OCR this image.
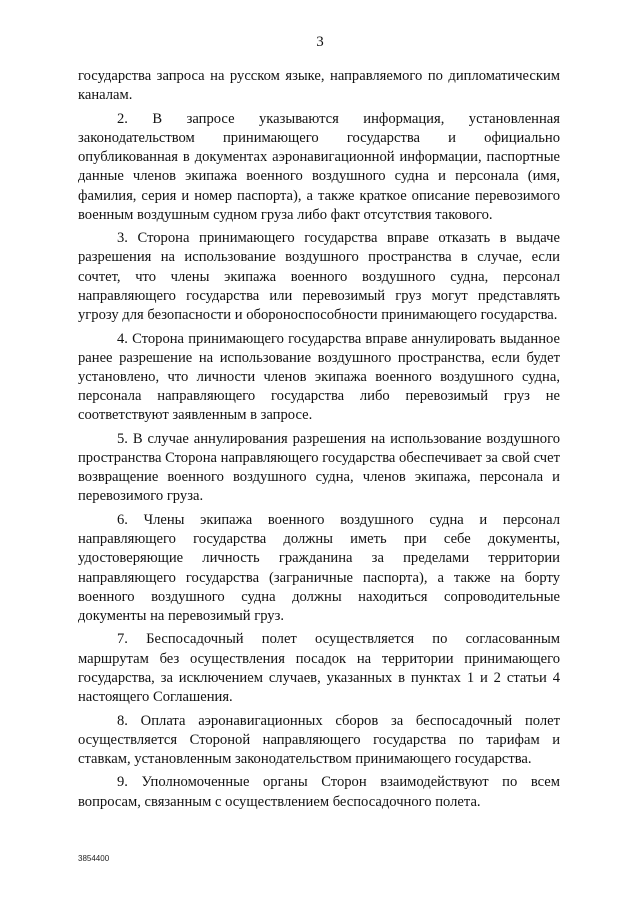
3

государства запроса на русском языке, направляемого по дипломатическим каналам.

2. В запросе указываются информация, установленная законодательством принимающего государства и официально опубликованная в документах аэронавигационной информации, паспортные данные членов экипажа военного воздушного судна и персонала (имя, фамилия, серия и номер паспорта), а также краткое описание перевозимого военным воздушным судном груза либо факт отсутствия такового.

3. Сторона принимающего государства вправе отказать в выдаче разрешения на использование воздушного пространства в случае, если сочтет, что члены экипажа военного воздушного судна, персонал направляющего государства или перевозимый груз могут представлять угрозу для безопасности и обороноспособности принимающего государства.

4. Сторона принимающего государства вправе аннулировать выданное ранее разрешение на использование воздушного пространства, если будет установлено, что личности членов экипажа военного воздушного судна, персонала направляющего государства либо перевозимый груз не соответствуют заявленным в запросе.

5. В случае аннулирования разрешения на использование воздушного пространства Сторона направляющего государства обеспечивает за свой счет возвращение военного воздушного судна, членов экипажа, персонала и перевозимого груза.

6. Члены экипажа военного воздушного судна и персонал направляющего государства должны иметь при себе документы, удостоверяющие личность гражданина за пределами территории направляющего государства (заграничные паспорта), а также на борту военного воздушного судна должны находиться сопроводительные документы на перевозимый груз.

7. Беспосадочный полет осуществляется по согласованным маршрутам без осуществления посадок на территории принимающего государства, за исключением случаев, указанных в пунктах 1 и 2 статьи 4 настоящего Соглашения.

8. Оплата аэронавигационных сборов за беспосадочный полет осуществляется Стороной направляющего государства по тарифам и ставкам, установленным законодательством принимающего государства.

9. Уполномоченные органы Сторон взаимодействуют по всем вопросам, связанным с осуществлением беспосадочного полета.

3854400
